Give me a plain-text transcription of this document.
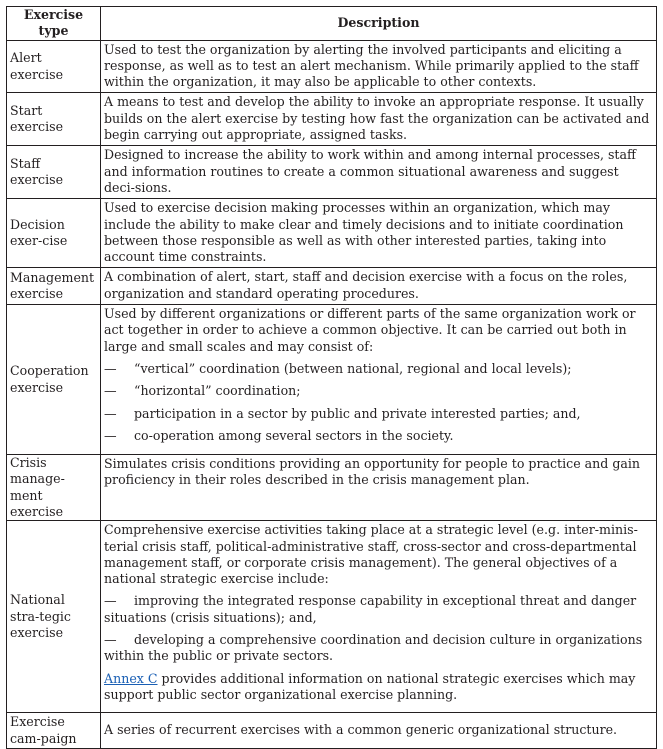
Exercise type	Description
Alert exercise	Used to test the organization by alerting the involved participants and eliciting a response, as well as to test an alert mechanism. While primarily applied to the staff within the organization, it may also be applicable to other contexts.
Start exercise	A means to test and develop the ability to invoke an appropriate response. It usually builds on the alert exercise by testing how fast the organization can be activated and begin carrying out appropriate, assigned tasks.
Staff exercise	Designed to increase the ability to work within and among internal processes, staff and information routines to create a common situational awareness and suggest deci-sions.
Decision exer-cise	Used to exercise decision making processes within an organization, which may include the ability to make clear and timely decisions and to initiate coordination between those responsible as well as with other interested parties, taking into account time constraints.
Management exercise	A combination of alert, start, staff and decision exercise with a focus on the roles, organization and standard operating procedures.
Cooperation exercise	Used by different organizations or different parts of the same organization work or act together in order to achieve a common objective. It can be carried out both in large and small scales and may consist of:
— “vertical” coordination (between national, regional and local levels);
— “horizontal” coordination;
— participation in a sector by public and private interested parties; and,
— co-operation among several sectors in the society.

Crisis manage-ment exercise	Simulates crisis conditions providing an opportunity for people to practice and gain proficiency in their roles described in the crisis management plan.
National stra-tegic exercise	Comprehensive exercise activities taking place at a strategic level (e.g. inter-minis-terial crisis staff, political-administrative staff, cross-sector and cross-departmental management staff, or corporate crisis management). The general objectives of a national strategic exercise include:
— improving the integrated response capability in exceptional threat and danger situations (crisis situations); and,
— developing a comprehensive coordination and decision culture in organizations within the public or private sectors.
Annex C provides additional information on national strategic exercises which may support public sector organizational exercise planning.

Exercise cam-paign	A series of recurrent exercises with a common generic organizational structure.
